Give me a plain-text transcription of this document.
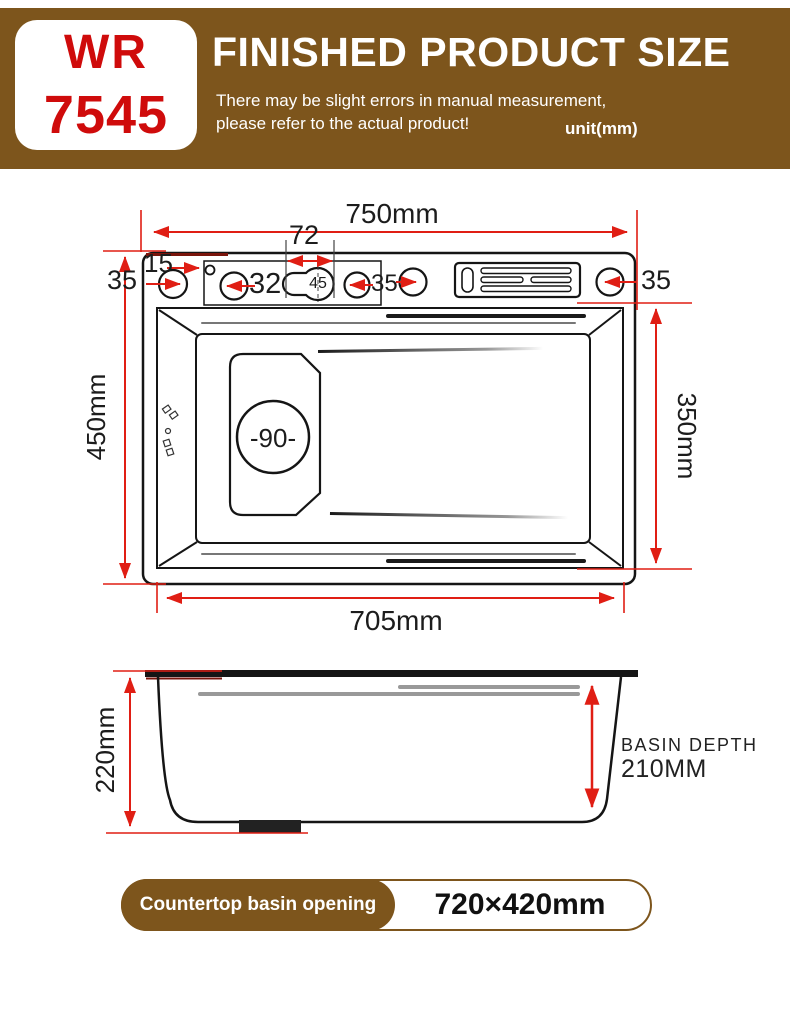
WR
7545
FINISHED PRODUCT SIZE
There may be slight errors in manual measurement,
please refer to the actual product!	unit(mm)
750mm
72
15
35	32	35	35
45
-90-
450mm	350mm
705mm
220mm	BASIN DEPTH
210MM
Countertop basin opening	720×420mm
